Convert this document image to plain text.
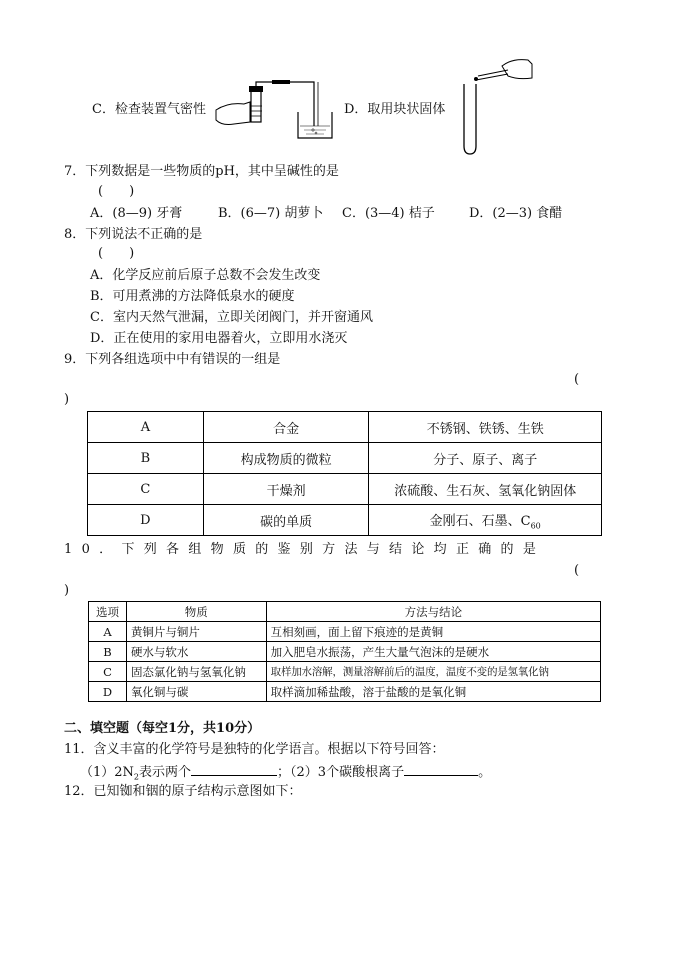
C．检查装置气密性	D．取用块状固体
7．下列数据是一些物质的pH，其中呈碱性的是
(　　)
A．(8—9) 牙膏	B．(6—7) 胡萝卜 C．(3—4) 桔子	D．(2—3) 食醋
8．下列说法不正确的是
(　　)
A．化学反应前后原子总数不会发生改变
B．可用煮沸的方法降低泉水的硬度
C．室内天然气泄漏，立即关闭阀门，并开窗通风
D．正在使用的家用电器着火，立即用水浇灭
9．下列各组选项中中有错误的一组是
(
)
A	合金	不锈钢、铁锈、生铁
B	构成物质的微粒	分子、原子、离子
C	干燥剂	浓硫酸、生石灰、氢氧化钠固体
D	碳的单质	金刚石、石墨、$C_{60}$
10．下列各组物质的鉴别方法与结论均正确的是
(
)
选项	物质	方法与结论
A	黄铜片与铜片	互相刻画，面上留下痕迹的是黄铜
B	硬水与软水	加入肥皂水振荡，产生大量气泡沫的是硬水
C	固态氯化钠与氢氧化钠	取样加水溶解，测量溶解前后的温度，温度不变的是氢氧化钠
D	氧化铜与碳	取样滴加稀盐酸，溶于盐酸的是氧化铜
二、填空题（每空1分，共10分）
11．含义丰富的化学符号是独特的化学语言。根据以下符号回答：
$(1)2N_2$表示两个	；（2）3个碳酸根离子	。
12．已知铷和铟的原子结构示意图如下：
